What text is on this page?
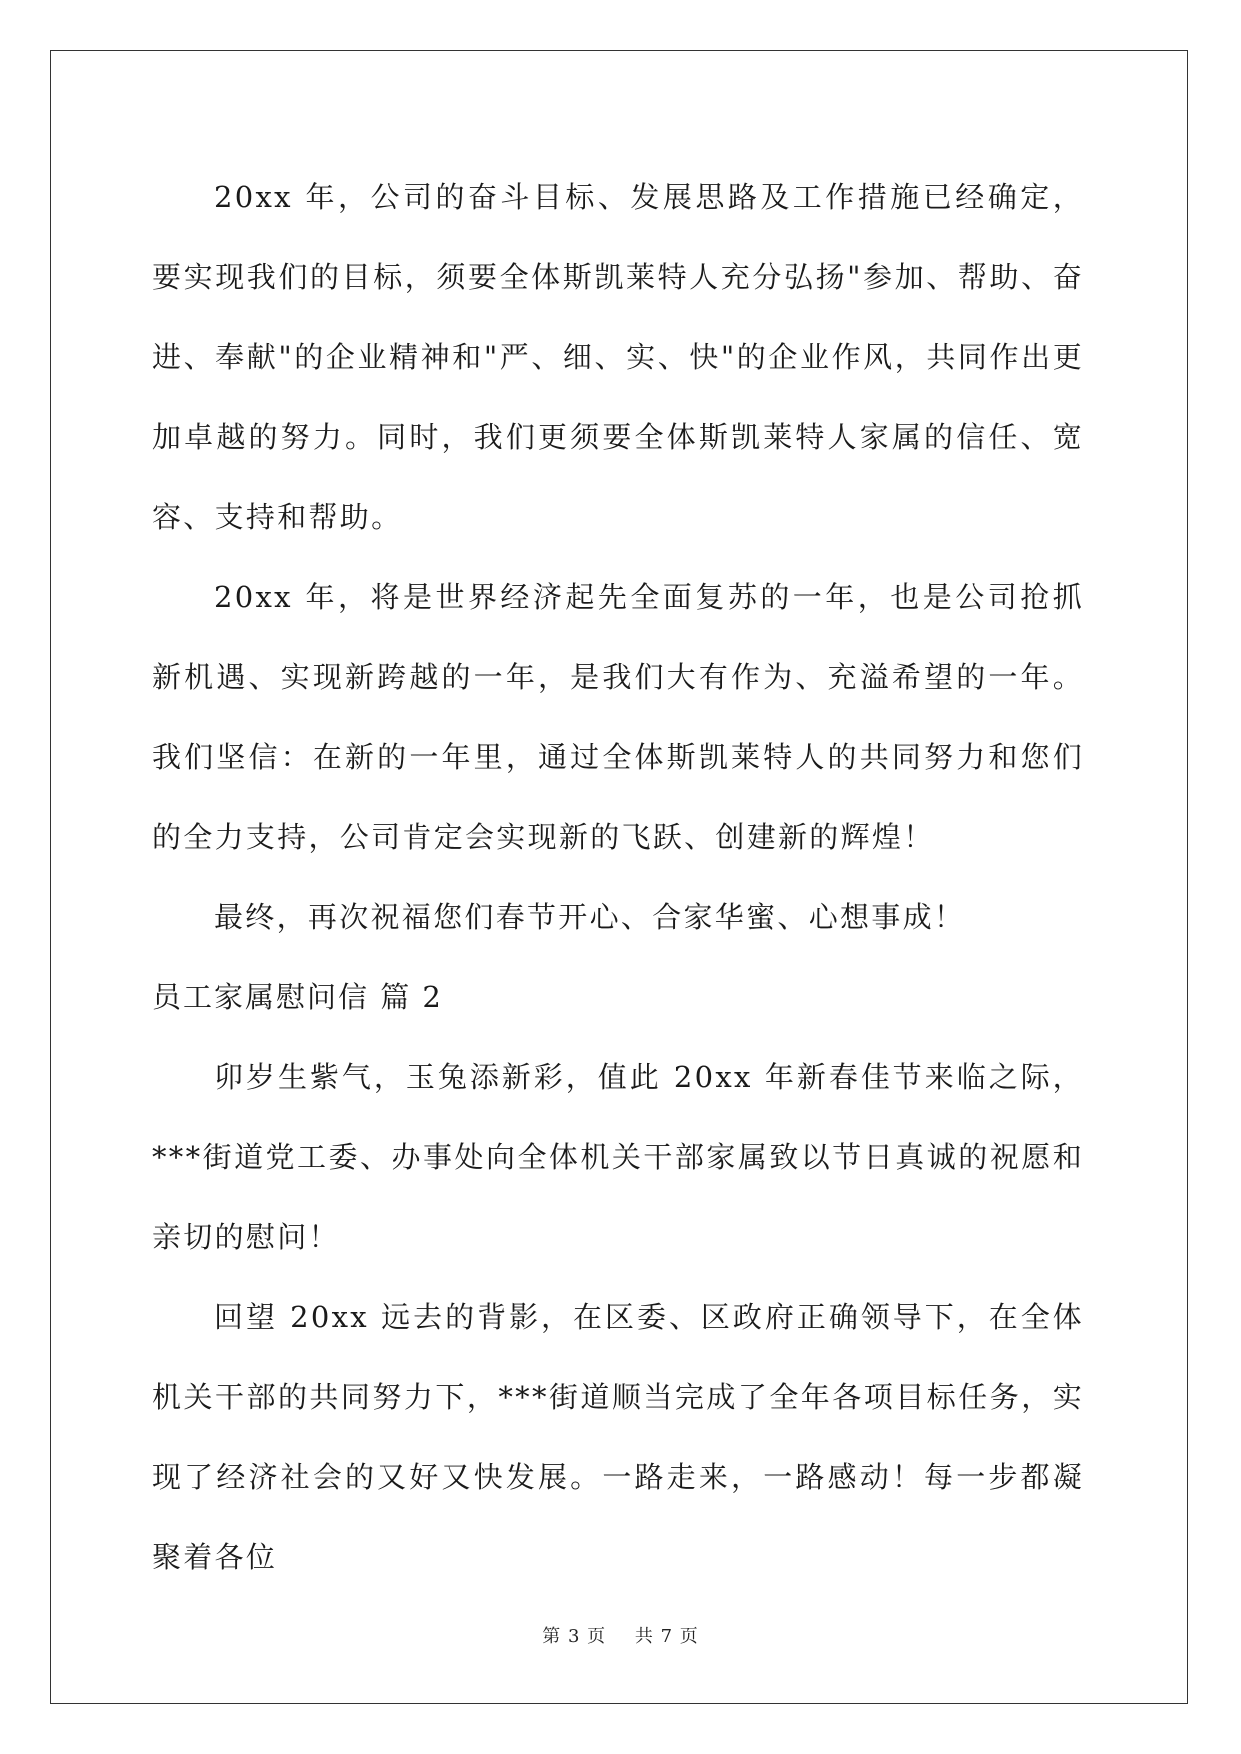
20xx 年，公司的奋斗目标、发展思路及工作措施已经确定，要实现我们的目标，须要全体斯凯莱特人充分弘扬"参加、帮助、奋进、奉献"的企业精神和"严、细、实、快"的企业作风，共同作出更加卓越的努力。同时，我们更须要全体斯凯莱特人家属的信任、宽容、支持和帮助。

20xx 年，将是世界经济起先全面复苏的一年，也是公司抢抓新机遇、实现新跨越的一年，是我们大有作为、充溢希望的一年。我们坚信：在新的一年里，通过全体斯凯莱特人的共同努力和您们的全力支持，公司肯定会实现新的飞跃、创建新的辉煌！

最终，再次祝福您们春节开心、合家华蜜、心想事成！

员工家属慰问信 篇 2

卯岁生紫气，玉兔添新彩，值此 20xx 年新春佳节来临之际，***街道党工委、办事处向全体机关干部家属致以节日真诚的祝愿和亲切的慰问！

回望 20xx 远去的背影，在区委、区政府正确领导下，在全体机关干部的共同努力下，***街道顺当完成了全年各项目标任务，实现了经济社会的又好又快发展。一路走来，一路感动！每一步都凝聚着各位

第 3 页 共 7 页
